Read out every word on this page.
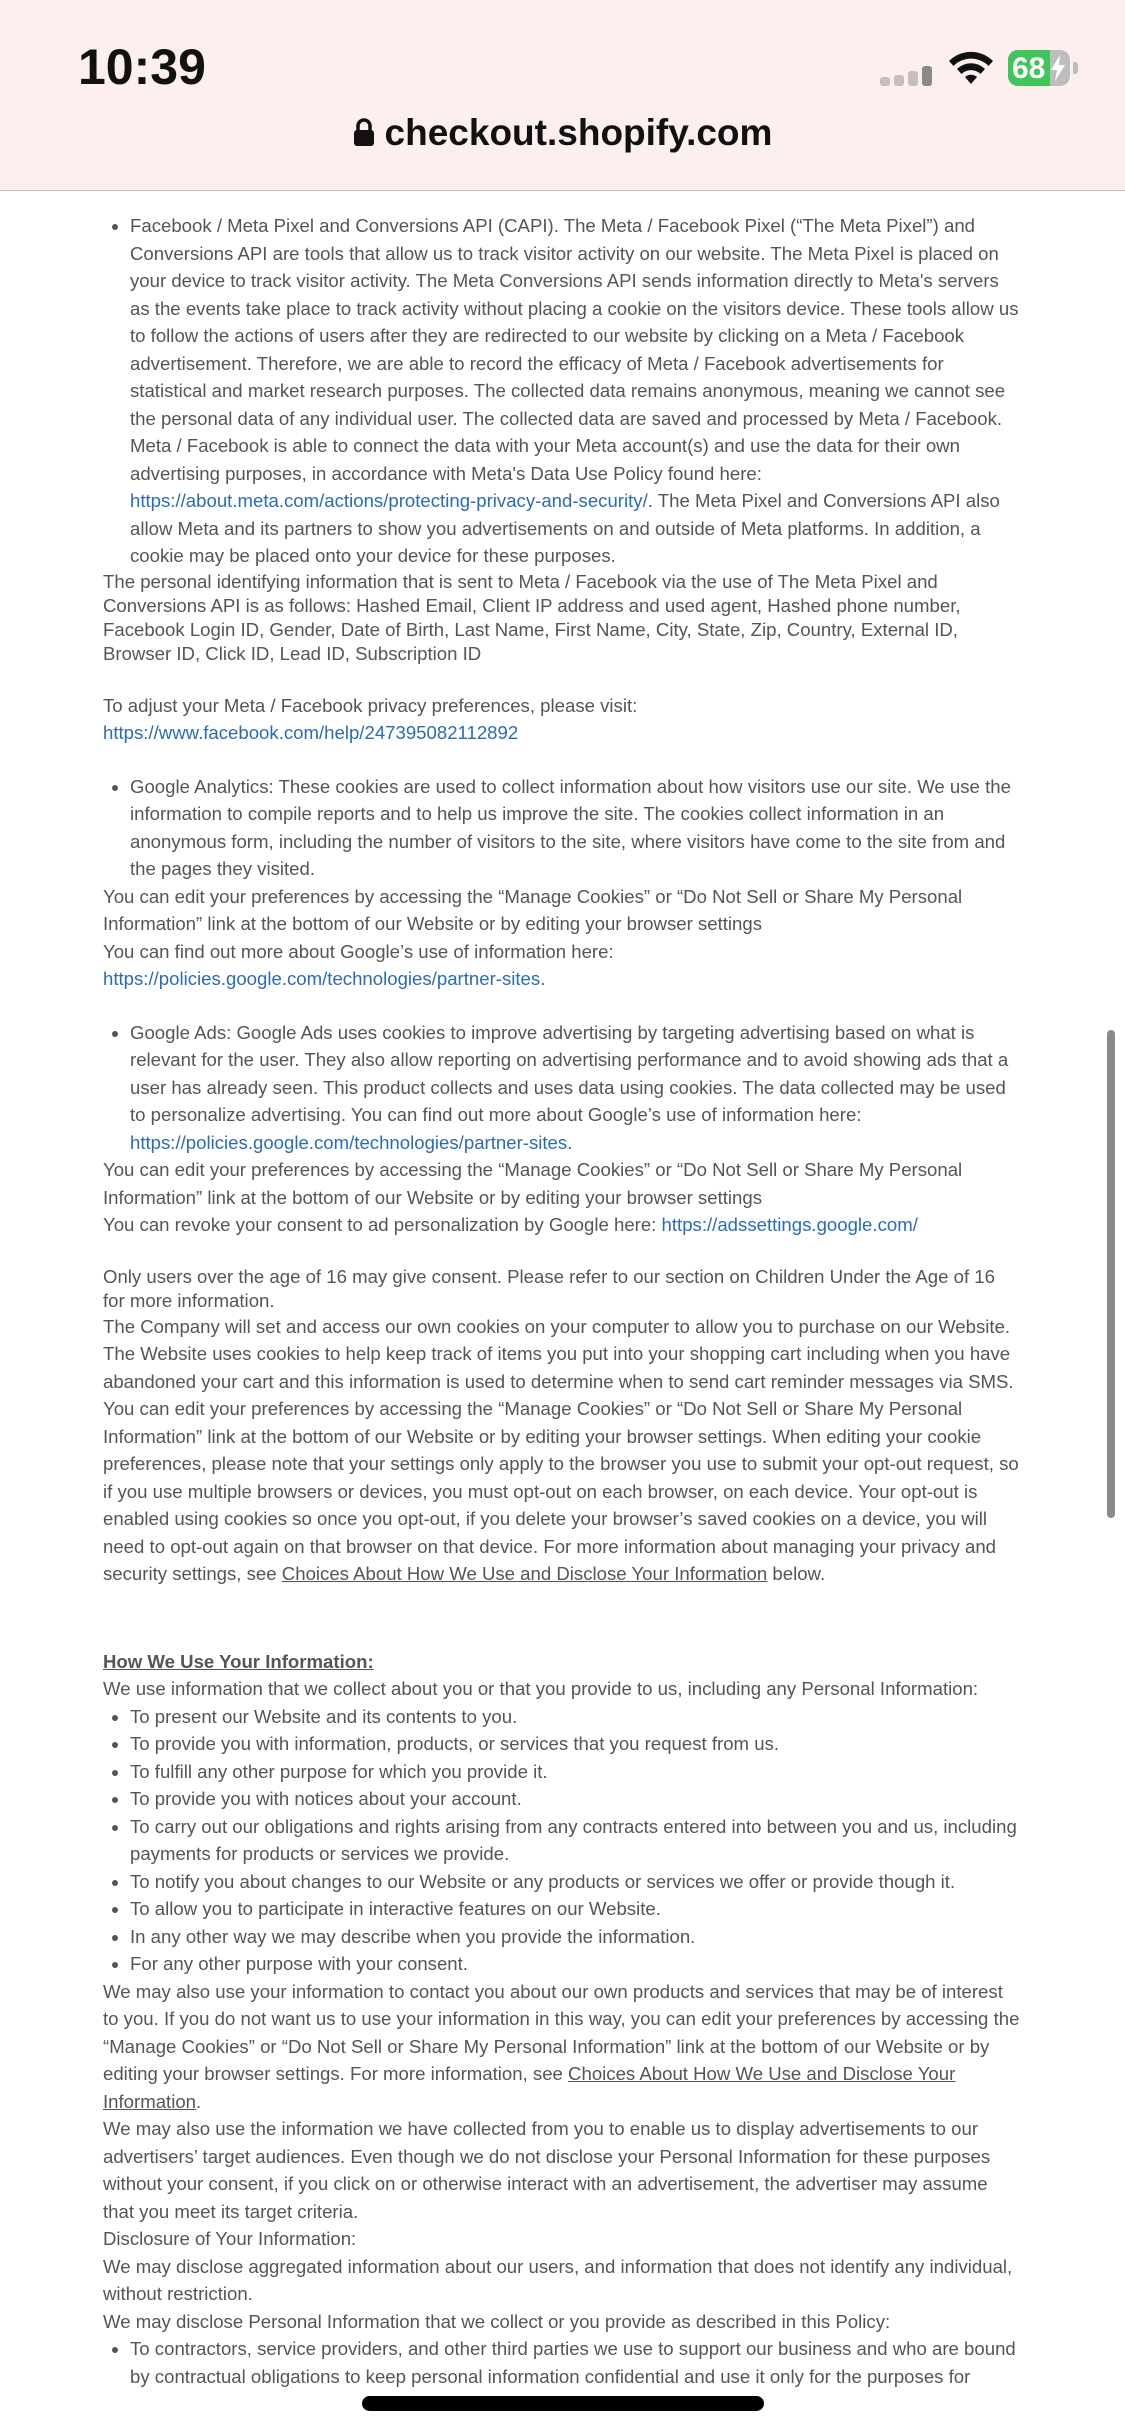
10:39	68
checkout.shopify.com
• Facebook / Meta Pixel and Conversions API (CAPI). The Meta / Facebook Pixel (“The Meta Pixel”) and Conversions API are tools that allow us to track visitor activity on our website. The Meta Pixel is placed on your device to track visitor activity. The Meta Conversions API sends information directly to Meta's servers as the events take place to track activity without placing a cookie on the visitors device. These tools allow us to follow the actions of users after they are redirected to our website by clicking on a Meta / Facebook advertisement. Therefore, we are able to record the efficacy of Meta / Facebook advertisements for statistical and market research purposes. The collected data remains anonymous, meaning we cannot see the personal data of any individual user. The collected data are saved and processed by Meta / Facebook. Meta / Facebook is able to connect the data with your Meta account(s) and use the data for their own advertising purposes, in accordance with Meta's Data Use Policy found here: https://about.meta.com/actions/protecting-privacy-and-security/. The Meta Pixel and Conversions API also allow Meta and its partners to show you advertisements on and outside of Meta platforms. In addition, a cookie may be placed onto your device for these purposes.

The personal identifying information that is sent to Meta / Facebook via the use of The Meta Pixel and Conversions API is as follows: Hashed Email, Client IP address and used agent, Hashed phone number, Facebook Login ID, Gender, Date of Birth, Last Name, First Name, City, State, Zip, Country, External ID, Browser ID, Click ID, Lead ID, Subscription ID

To adjust your Meta / Facebook privacy preferences, please visit: https://www.facebook.com/help/247395082112892

• Google Analytics: These cookies are used to collect information about how visitors use our site. We use the information to compile reports and to help us improve the site. The cookies collect information in an anonymous form, including the number of visitors to the site, where visitors have come to the site from and the pages they visited.

You can edit your preferences by accessing the “Manage Cookies” or “Do Not Sell or Share My Personal Information” link at the bottom of our Website or by editing your browser settings

You can find out more about Google’s use of information here:

https://policies.google.com/technologies/partner-sites.

• Google Ads: Google Ads uses cookies to improve advertising by targeting advertising based on what is relevant for the user. They also allow reporting on advertising performance and to avoid showing ads that a user has already seen. This product collects and uses data using cookies. The data collected may be used to personalize advertising. You can find out more about Google’s use of information here: https://policies.google.com/technologies/partner-sites.

You can edit your preferences by accessing the “Manage Cookies” or “Do Not Sell or Share My Personal Information” link at the bottom of our Website or by editing your browser settings

You can revoke your consent to ad personalization by Google here: https://adssettings.google.com/

Only users over the age of 16 may give consent. Please refer to our section on Children Under the Age of 16 for more information.

The Company will set and access our own cookies on your computer to allow you to purchase on our Website. The Website uses cookies to help keep track of items you put into your shopping cart including when you have abandoned your cart and this information is used to determine when to send cart reminder messages via SMS. You can edit your preferences by accessing the “Manage Cookies” or “Do Not Sell or Share My Personal Information” link at the bottom of our Website or by editing your browser settings. When editing your cookie preferences, please note that your settings only apply to the browser you use to submit your opt-out request, so if you use multiple browsers or devices, you must opt-out on each browser, on each device. Your opt-out is enabled using cookies so once you opt-out, if you delete your browser’s saved cookies on a device, you will need to opt-out again on that browser on that device. For more information about managing your privacy and security settings, see Choices About How We Use and Disclose Your Information below.

How We Use Your Information:

We use information that we collect about you or that you provide to us, including any Personal Information:

• To present our Website and its contents to you.
• To provide you with information, products, or services that you request from us.
• To fulfill any other purpose for which you provide it.
• To provide you with notices about your account.
• To carry out our obligations and rights arising from any contracts entered into between you and us, including payments for products or services we provide.
• To notify you about changes to our Website or any products or services we offer or provide though it.
• To allow you to participate in interactive features on our Website.
• In any other way we may describe when you provide the information.
• For any other purpose with your consent.

We may also use your information to contact you about our own products and services that may be of interest to you. If you do not want us to use your information in this way, you can edit your preferences by accessing the “Manage Cookies” or “Do Not Sell or Share My Personal Information” link at the bottom of our Website or by editing your browser settings. For more information, see Choices About How We Use and Disclose Your Information.

We may also use the information we have collected from you to enable us to display advertisements to our advertisers’ target audiences. Even though we do not disclose your Personal Information for these purposes without your consent, if you click on or otherwise interact with an advertisement, the advertiser may assume that you meet its target criteria.

Disclosure of Your Information:

We may disclose aggregated information about our users, and information that does not identify any individual, without restriction.

We may disclose Personal Information that we collect or you provide as described in this Policy:

• To contractors, service providers, and other third parties we use to support our business and who are bound by contractual obligations to keep personal information confidential and use it only for the purposes for
